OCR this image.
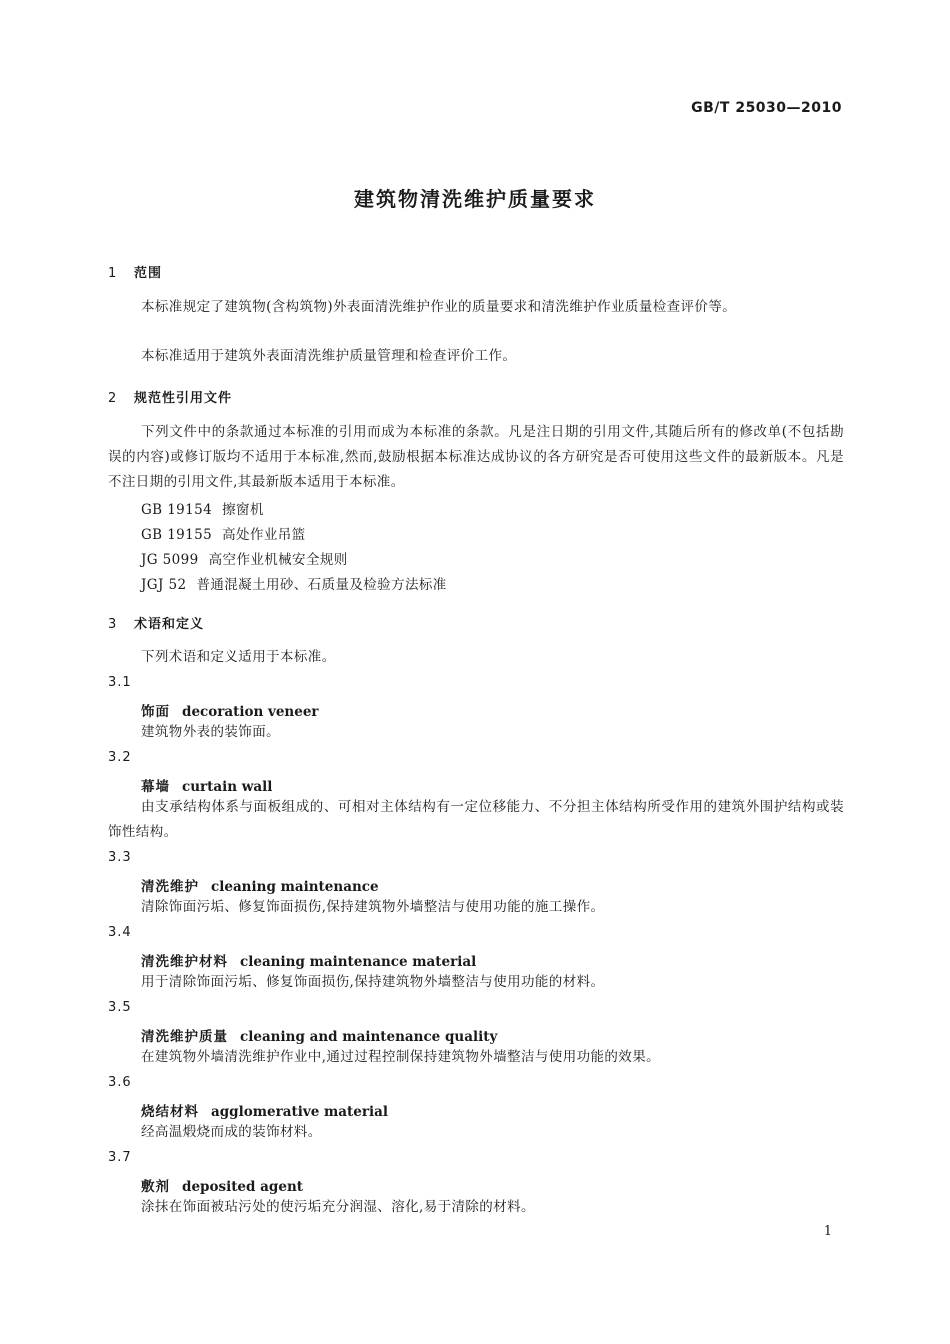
GB/T 25030—2010
建筑物清洗维护质量要求
1 范围
本标准规定了建筑物(含构筑物)外表面清洗维护作业的质量要求和清洗维护作业质量检查评价等。
本标准适用于建筑外表面清洗维护质量管理和检查评价工作。
2 规范性引用文件
下列文件中的条款通过本标准的引用而成为本标准的条款。凡是注日期的引用文件,其随后所有的修改单(不包括勘误的内容)或修订版均不适用于本标准,然而,鼓励根据本标准达成协议的各方研究是否可使用这些文件的最新版本。凡是不注日期的引用文件,其最新版本适用于本标准。
GB 19154 擦窗机
GB 19155 高处作业吊篮
JG 5099 高空作业机械安全规则
JGJ 52 普通混凝土用砂、石质量及检验方法标准
3 术语和定义
下列术语和定义适用于本标准。
3.1
饰面 decoration veneer
建筑物外表的装饰面。
3.2
幕墙 curtain wall
由支承结构体系与面板组成的、可相对主体结构有一定位移能力、不分担主体结构所受作用的建筑外围护结构或装饰性结构。
3.3
清洗维护 cleaning maintenance
清除饰面污垢、修复饰面损伤,保持建筑物外墙整洁与使用功能的施工操作。
3.4
清洗维护材料 cleaning maintenance material
用于清除饰面污垢、修复饰面损伤,保持建筑物外墙整洁与使用功能的材料。
3.5
清洗维护质量 cleaning and maintenance quality
在建筑物外墙清洗维护作业中,通过过程控制保持建筑物外墙整洁与使用功能的效果。
3.6
烧结材料 agglomerative material
经高温煅烧而成的装饰材料。
3.7
敷剂 deposited agent
涂抹在饰面被玷污处的使污垢充分润湿、溶化,易于清除的材料。
1
